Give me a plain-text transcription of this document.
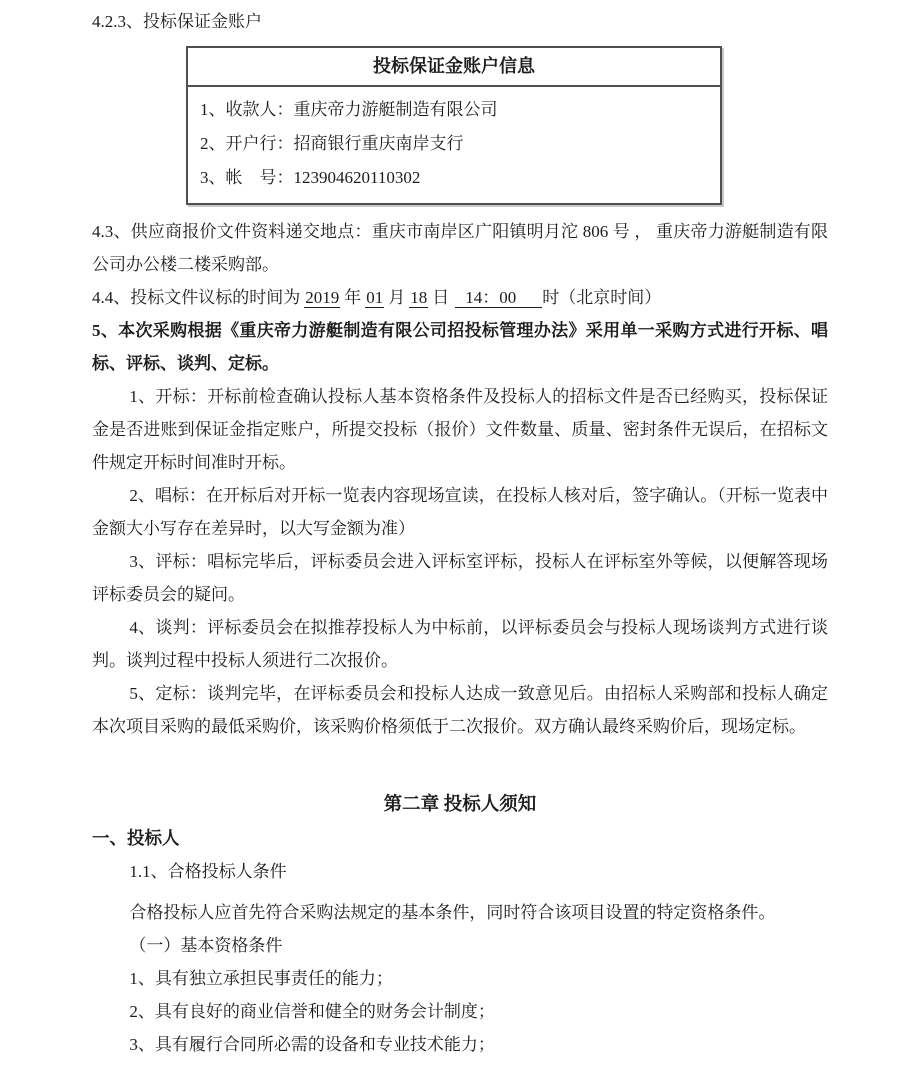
4.2.3、投标保证金账户

投标保证金账户信息
1、收款人：重庆帝力游艇制造有限公司
2、开户行：招商银行重庆南岸支行
3、帐　号：123904620110302

4.3、供应商报价文件资料递交地点：重庆市南岸区广阳镇明月沱 806 号 ， 重庆帝力游艇制造有限公司办公楼二楼采购部。

4.4、投标文件议标的时间为 2019 年 01 月 18 日 14：00 时（北京时间）

5、本次采购根据《重庆帝力游艇制造有限公司招投标管理办法》采用单一采购方式进行开标、唱标、评标、谈判、定标。

1、开标：开标前检查确认投标人基本资格条件及投标人的招标文件是否已经购买，投标保证金是否进账到保证金指定账户，所提交投标（报价）文件数量、质量、密封条件无误后，在招标文件规定开标时间准时开标。

2、唱标：在开标后对开标一览表内容现场宣读，在投标人核对后，签字确认。（开标一览表中金额大小写存在差异时，以大写金额为准）

3、评标：唱标完毕后，评标委员会进入评标室评标，投标人在评标室外等候，以便解答现场评标委员会的疑问。

4、谈判：评标委员会在拟推荐投标人为中标前，以评标委员会与投标人现场谈判方式进行谈判。谈判过程中投标人须进行二次报价。

5、定标：谈判完毕，在评标委员会和投标人达成一致意见后。由招标人采购部和投标人确定本次项目采购的最低采购价，该采购价格须低于二次报价。双方确认最终采购价后，现场定标。

第二章 投标人须知

一、投标人

1.1、合格投标人条件

合格投标人应首先符合采购法规定的基本条件，同时符合该项目设置的特定资格条件。

（一）基本资格条件

1、具有独立承担民事责任的能力；

2、具有良好的商业信誉和健全的财务会计制度；

3、具有履行合同所必需的设备和专业技术能力；
